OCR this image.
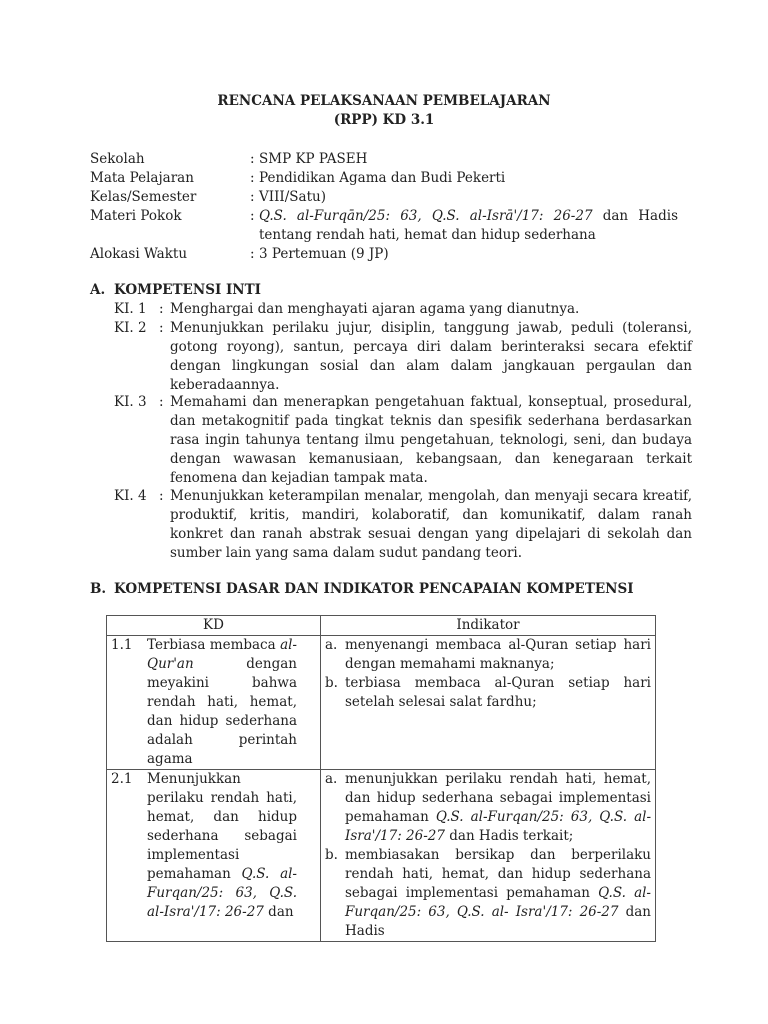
RENCANA PELAKSANAAN PEMBELAJARAN
(RPP) KD 3.1
Sekolah	: SMP KP PASEH
Mata Pelajaran	: Pendidikan Agama dan Budi Pekerti
Kelas/Semester	: VIII/Satu)
Materi Pokok	: Q.S. al-Furqān/25: 63, Q.S. al-Isrā'/17: 26-27 dan Hadis tentang rendah hati, hemat dan hidup sederhana
Alokasi Waktu	: 3 Pertemuan (9 JP)
A. KOMPETENSI INTI
KI. 1 : Menghargai dan menghayati ajaran agama yang dianutnya.
KI. 2 : Menunjukkan perilaku jujur, disiplin, tanggung jawab, peduli (toleransi, gotong royong), santun, percaya diri dalam berinteraksi secara efektif dengan lingkungan sosial dan alam dalam jangkauan pergaulan dan keberadaannya.
KI. 3 : Memahami dan menerapkan pengetahuan faktual, konseptual, prosedural, dan metakognitif pada tingkat teknis dan spesifik sederhana berdasarkan rasa ingin tahunya tentang ilmu pengetahuan, teknologi, seni, dan budaya dengan wawasan kemanusiaan, kebangsaan, dan kenegaraan terkait fenomena dan kejadian tampak mata.
KI. 4 : Menunjukkan keterampilan menalar, mengolah, dan menyaji secara kreatif, produktif, kritis, mandiri, kolaboratif, dan komunikatif, dalam ranah konkret dan ranah abstrak sesuai dengan yang dipelajari di sekolah dan sumber lain yang sama dalam sudut pandang teori.
B. KOMPETENSI DASAR DAN INDIKATOR PENCAPAIAN KOMPETENSI
KD	Indikator
1.1 Terbiasa membaca al-Qur'an dengan meyakini bahwa rendah hati, hemat, dan hidup sederhana adalah perintah agama	a. menyenangi membaca al-Quran setiap hari dengan memahami maknanya;
b. terbiasa membaca al-Quran setiap hari setelah selesai salat fardhu;

2.1 Menunjukkan perilaku rendah hati, hemat, dan hidup sederhana sebagai implementasi pemahaman Q.S. al-Furqan/25: 63, Q.S. al-Isra'/17: 26-27 dan	a. menunjukkan perilaku rendah hati, hemat, dan hidup sederhana sebagai implementasi pemahaman Q.S. al-Furqan/25: 63, Q.S. al-Isra'/17: 26-27 dan Hadis terkait;
b. membiasakan bersikap dan berperilaku rendah hati, hemat, dan hidup sederhana sebagai implementasi pemahaman Q.S. al-Furqan/25: 63, Q.S. al- Isra'/17: 26-27 dan Hadis
